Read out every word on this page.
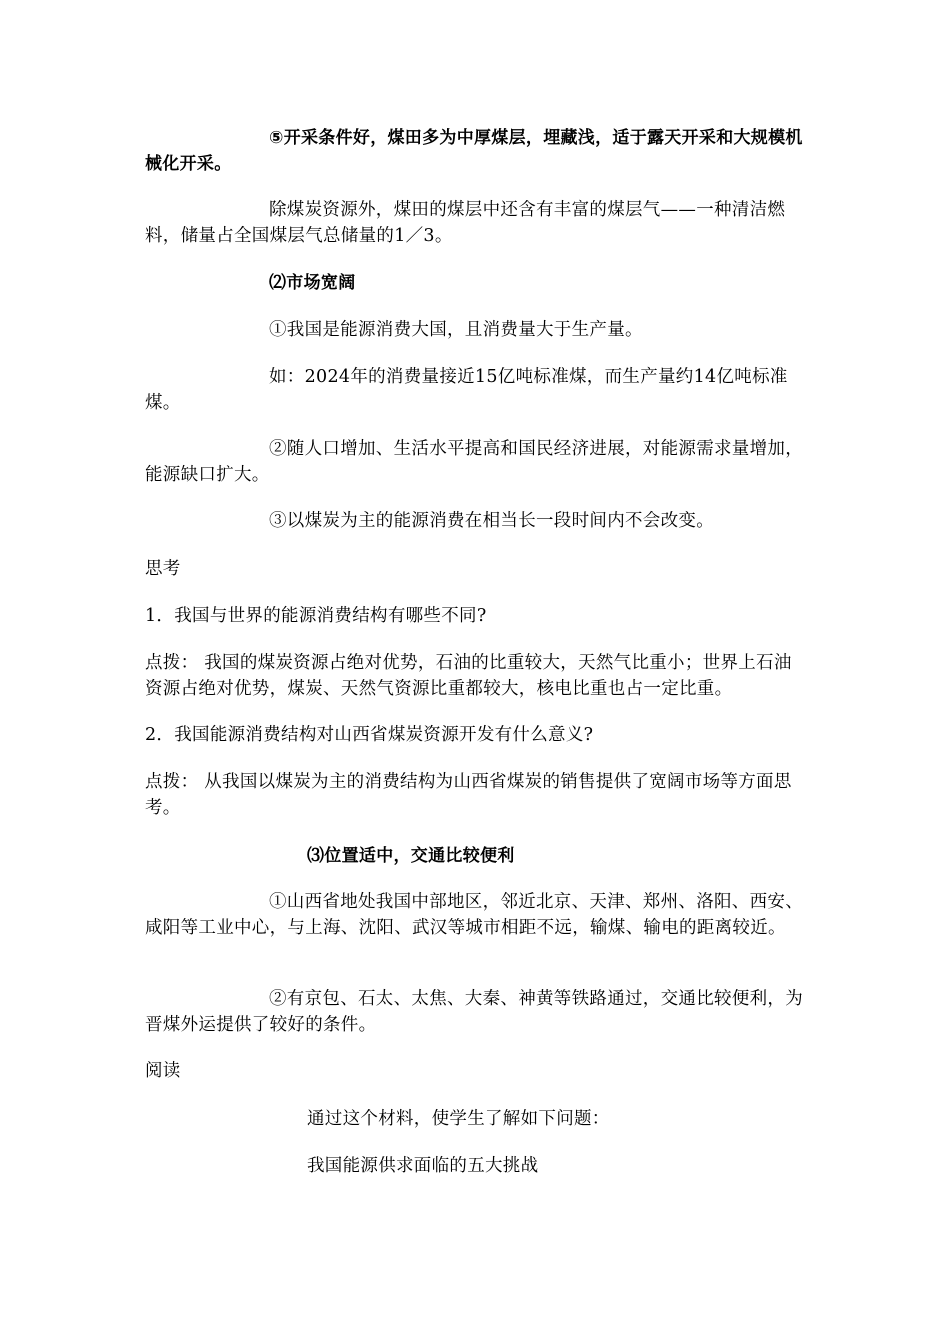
⑤开采条件好，煤田多为中厚煤层，埋藏浅，适于露天开采和大规模机械化开采。

除煤炭资源外，煤田的煤层中还含有丰富的煤层气——一种清洁燃料，储量占全国煤层气总储量的1／3。

⑵市场宽阔

①我国是能源消费大国，且消费量大于生产量。

如：2024年的消费量接近15亿吨标准煤，而生产量约14亿吨标准煤。

②随人口增加、生活水平提高和国民经济进展，对能源需求量增加，能源缺口扩大。

③以煤炭为主的能源消费在相当长一段时间内不会改变。

思考

1．我国与世界的能源消费结构有哪些不同?

点拨： 我国的煤炭资源占绝对优势，石油的比重较大，天然气比重小；世界上石油资源占绝对优势，煤炭、天然气资源比重都较大，核电比重也占一定比重。

2．我国能源消费结构对山西省煤炭资源开发有什么意义?

点拨： 从我国以煤炭为主的消费结构为山西省煤炭的销售提供了宽阔市场等方面思考。

⑶位置适中，交通比较便利

①山西省地处我国中部地区，邻近北京、天津、郑州、洛阳、西安、咸阳等工业中心，与上海、沈阳、武汉等城市相距不远，输煤、输电的距离较近。

②有京包、石太、太焦、大秦、神黄等铁路通过，交通比较便利，为晋煤外运提供了较好的条件。

阅读

通过这个材料，使学生了解如下问题：

我国能源供求面临的五大挑战
